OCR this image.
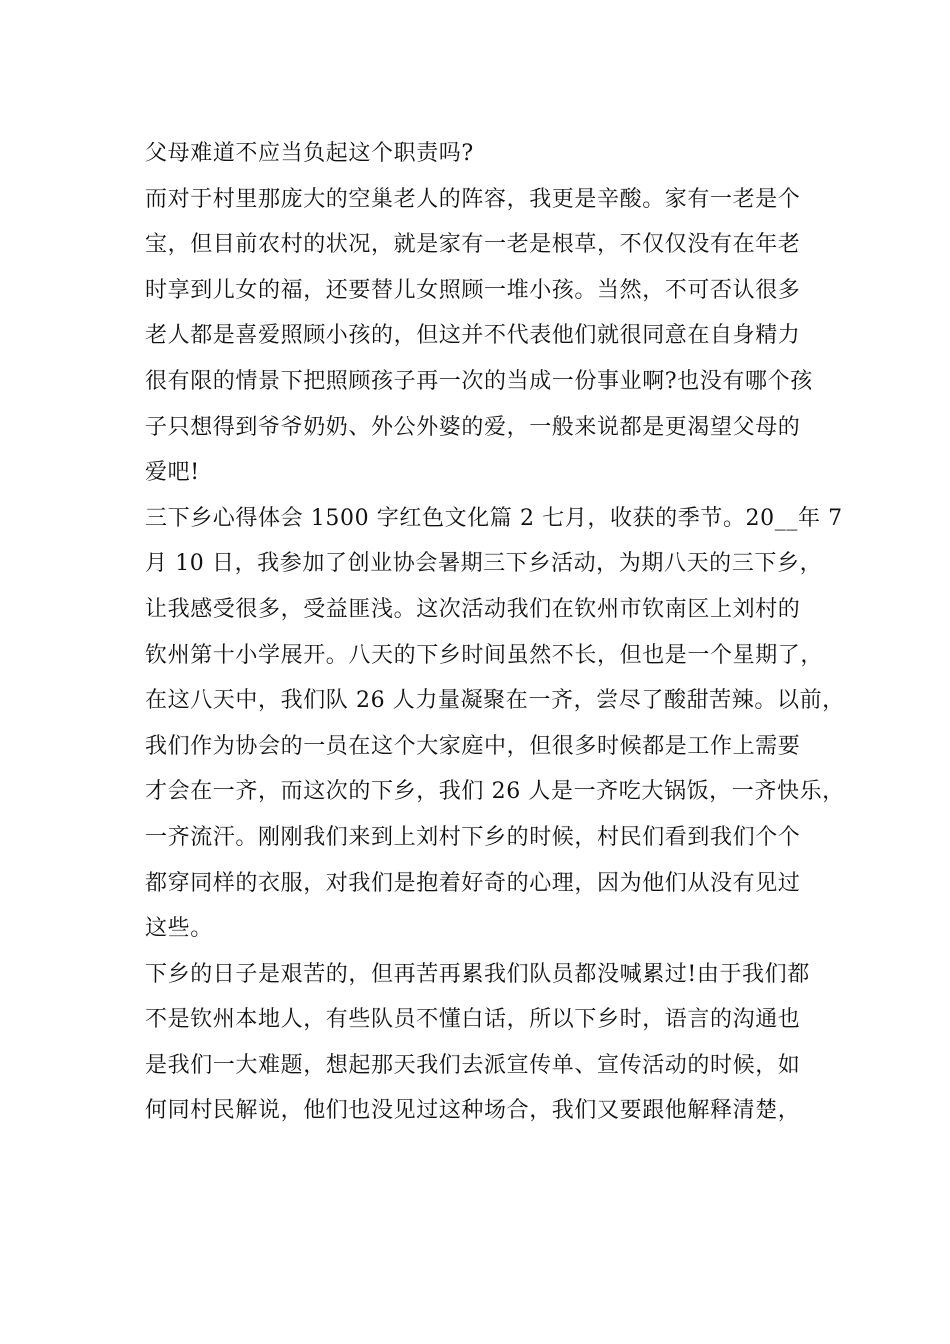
父母难道不应当负起这个职责吗?
而对于村里那庞大的空巢老人的阵容，我更是辛酸。家有一老是个
宝，但目前农村的状况，就是家有一老是根草，不仅仅没有在年老
时享到儿女的福，还要替儿女照顾一堆小孩。当然，不可否认很多
老人都是喜爱照顾小孩的，但这并不代表他们就很同意在自身精力
很有限的情景下把照顾孩子再一次的当成一份事业啊?也没有哪个孩
子只想得到爷爷奶奶、外公外婆的爱，一般来说都是更渴望父母的
爱吧!
三下乡心得体会 1500 字红色文化篇 2 七月，收获的季节。20__年 7
月 10 日，我参加了创业协会暑期三下乡活动，为期八天的三下乡，
让我感受很多，受益匪浅。这次活动我们在钦州市钦南区上刘村的
钦州第十小学展开。八天的下乡时间虽然不长，但也是一个星期了，
在这八天中，我们队 26 人力量凝聚在一齐，尝尽了酸甜苦辣。以前，
我们作为协会的一员在这个大家庭中，但很多时候都是工作上需要
才会在一齐，而这次的下乡，我们 26 人是一齐吃大锅饭，一齐快乐，
一齐流汗。刚刚我们来到上刘村下乡的时候，村民们看到我们个个
都穿同样的衣服，对我们是抱着好奇的心理，因为他们从没有见过
这些。
下乡的日子是艰苦的，但再苦再累我们队员都没喊累过!由于我们都
不是钦州本地人，有些队员不懂白话，所以下乡时，语言的沟通也
是我们一大难题，想起那天我们去派宣传单、宣传活动的时候，如
何同村民解说，他们也没见过这种场合，我们又要跟他解释清楚，
